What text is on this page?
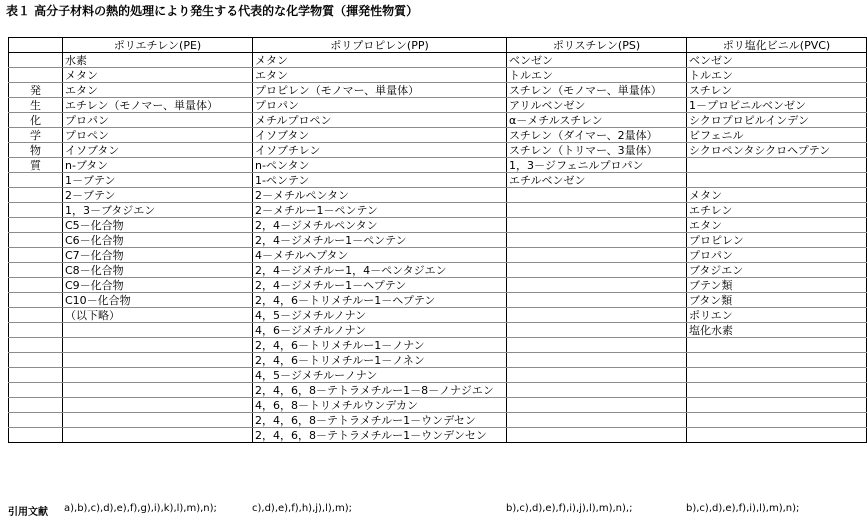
表１ 高分子材料の熱的処理により発生する代表的な化学物質（揮発性物質）
	ポリエチレン(PE)	ポリプロピレン(PP)	ポリスチレン(PS)	ポリ塩化ビニル(PVC)
	水素	メタン	ベンゼン	ベンゼン
	メタン	エタン	トルエン	トルエン
発	エタン	プロピレン（モノマー、単量体）	スチレン（モノマー、単量体）	スチレン
生	エチレン（モノマー、単量体）	プロパン	アリルベンゼン	1－プロピニルベンゼン
化	プロパン	メチルプロペン	α－メチルスチレン	シクロプロピルインデン
学	プロペン	イソブタン	スチレン（ダイマー、2量体）	ビフェニル
物	イソブタン	イソブチレン	スチレン（トリマー、3量体）	シクロペンタシクロヘプテン
質	n-ブタン	n-ペンタン	1，3－ジフェニルプロパン	
	1－ブテン	1-ペンテン	エチルベンゼン	
	2－ブテン	2－メチルペンタン		メタン
	1，3－ブタジエン	2－メチルー1－ペンテン		エチレン
	C5－化合物	2，4－ジメチルペンタン		エタン
	C6－化合物	2，4－ジメチルー1－ペンテン		プロピレン
	C7－化合物	4－メチルヘプタン		プロパン
	C8－化合物	2，4－ジメチルー1，4－ペンタジエン		ブタジエン
	C9－化合物	2，4－ジメチルー1－ヘプテン		ブテン類
	C10－化合物	2，4，6－トリメチルー1－ヘプテン		ブタン類
	（以下略）	4，5－ジメチルノナン		ポリエン
		4，6－ジメチルノナン		塩化水素
		2，4，6－トリメチルー1－ノナン		
		2，4，6－トリメチルー1－ノネン		
		4，5－ジメチルーノナン		
		2，4，6，8－テトラメチルー1－8－ノナジエン		
		4，6，8－トリメチルウンデカン		
		2，4，6，8－テトラメチルー1－ウンデセン		
		2，4，6，8－テトラメチルー1－ウンデンセン		
引用文献 a),b),c),d),e),f),g),i),k),l),m),n);	c),d),e),f),h),j),l),m);	b),c),d),e),f),i),j),l),m),n),;	b),c),d),e),f),i),l),m),n);
